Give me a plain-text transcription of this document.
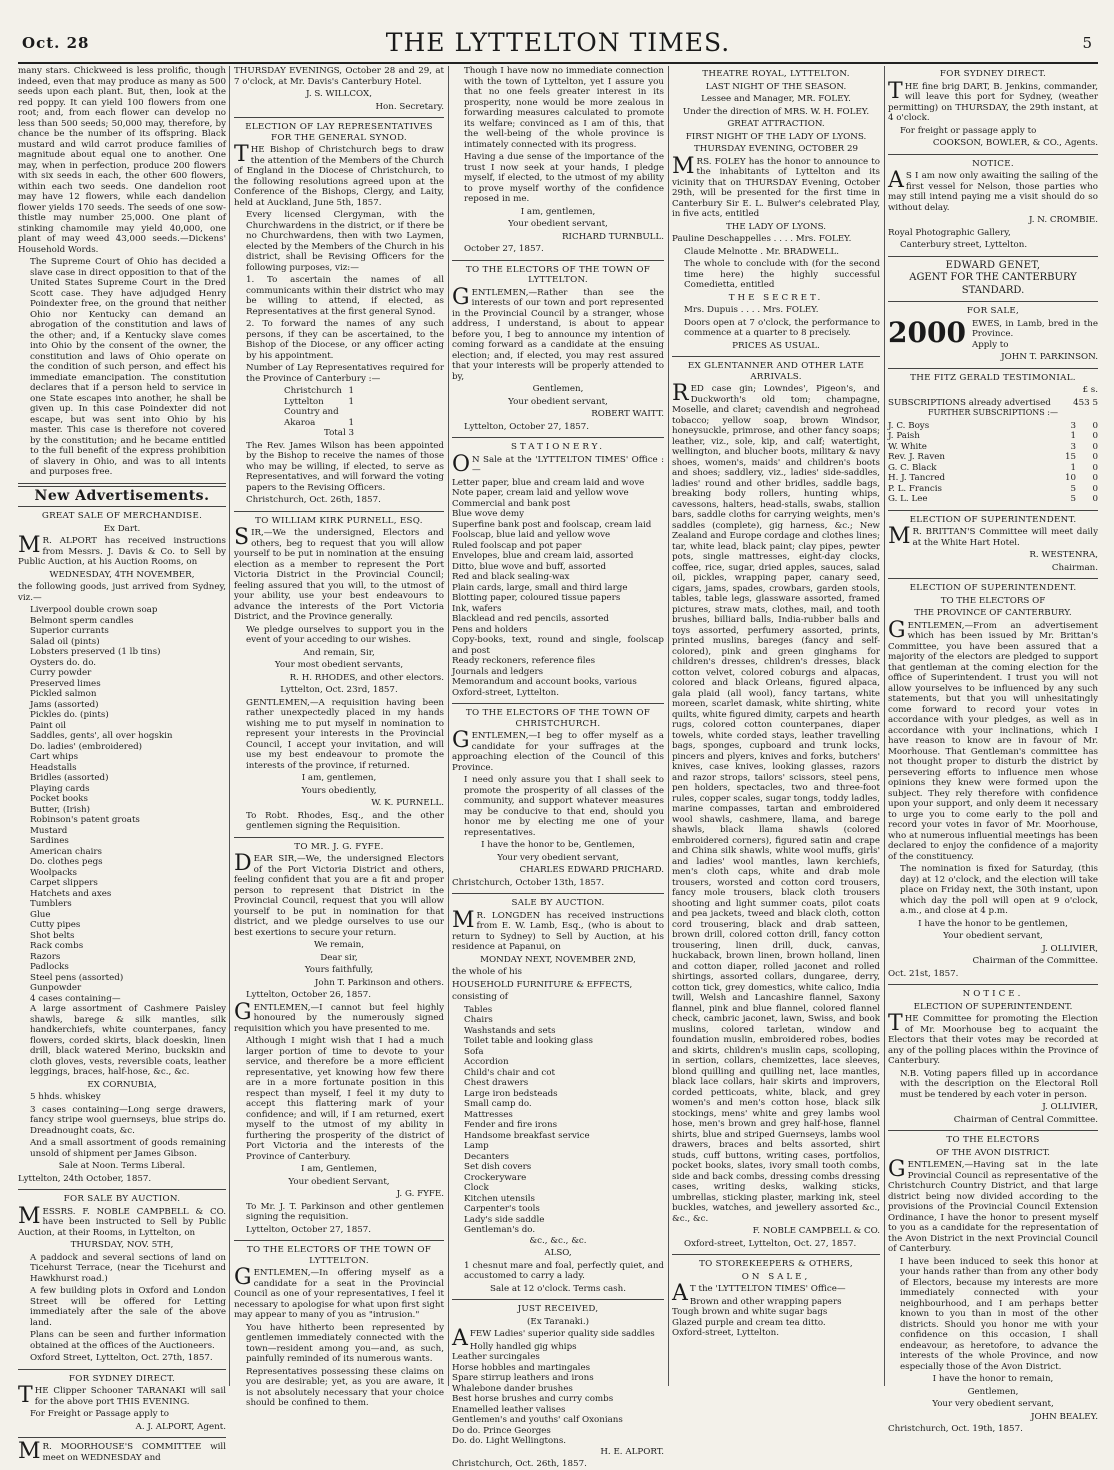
Oct. 28	THE LYTTELTON TIMES.	5

many stars. Chickweed is less prolific, though indeed, even that may produce as many as 500 seeds upon each plant. But, then, look at the red poppy. It can yield 100 flowers from one root; and, from each flower can develop no less than 500 seeds; 50,000 may, therefore, by chance be the number of its offspring. Black mustard and wild carrot produce families of magnitude about equal one to another. One may, when in perfection, produce 200 flowers with six seeds in each, the other 600 flowers, within each two seeds. One dandelion root may have 12 flowers, while each dandelion flower yields 170 seeds. The seeds of one sow-thistle may number 25,000. One plant of stinking chamomile may yield 40,000, one plant of may weed 43,000 seeds.—Dickens' Household Words.

The Supreme Court of Ohio has decided a slave case in direct opposition to that of the United States Supreme Court in the Dred Scott case. They have adjudged Henry Poindexter free, on the ground that neither Ohio nor Kentucky can demand an abrogation of the constitution and laws of the other; and, if a Kentucky slave comes into Ohio by the consent of the owner, the constitution and laws of Ohio operate on the condition of such person, and effect his immediate emancipation. The constitution declares that if a person held to service in one State escapes into another, he shall be given up. In this case Poindexter did not escape, but was sent into Ohio by his master. This case is therefore not covered by the constitution; and he became entitled to the full benefit of the express prohibition of slavery in Ohio, and was to all intents and purposes free.

New Advertisements.

GREAT SALE OF MERCHANDISE.

Ex Dart.

M R. ALPORT has received instructions from Messrs. J. Davis & Co. to Sell by Public Auction, at his Auction Rooms, on

WEDNESDAY, 4TH NOVEMBER,

the following goods, just arrived from Sydney, viz.—

Liverpool double crown soap

Belmont sperm candles

Superior currants

Salad oil (pints)

Lobsters preserved (1 lb tins)

Oysters do. do.

Curry powder

Preserved limes

Pickled salmon

Jams (assorted)

Pickles do. (pints)

Paint oil

Saddles, gents', all over hogskin

Do. ladies' (embroidered)

Cart whips

Headstalls

Bridles (assorted)

Playing cards

Pocket books

Butter, (Irish)

Robinson's patent groats

Mustard

Sardines

American chairs

Do. clothes pegs

Woolpacks

Carpet slippers

Hatchets and axes

Tumblers

Glue

Cutty pipes

Shot belts

Rack combs

Razors

Padlocks

Steel pens (assorted)

Gunpowder

4 cases containing—

A large assortment of Cashmere Paisley shawls, barege & silk mantles, silk handkerchiefs, white counterpanes, fancy flowers, corded skirts, black doeskin, linen drill, black watered Merino, buckskin and cloth gloves, vests, reversible coats, leather leggings, braces, half-hose, &c., &c.

EX CORNUBIA,

5 hhds. whiskey

3 cases containing—Long serge drawers, fancy stripe wool guernseys, blue strips do. Dreadnought coats, &c.

And a small assortment of goods remaining unsold of shipment per James Gibson.

Sale at Noon. Terms Liberal.

Lyttelton, 24th October, 1857.

FOR SALE BY AUCTION.

MESSRS. F. NOBLE CAMPBELL & CO. have been instructed to Sell by Public Auction, at their Rooms, in Lyttelton, on

THURSDAY, NOV. 5TH,

A paddock and several sections of land on Ticehurst Terrace, (near the Ticehurst and Hawkhurst road.)

A few building plots in Oxford and London Street will be offered for Letting immediately after the sale of the above land.

Plans can be seen and further information obtained at the offices of the Auctioneers.

Oxford Street, Lyttelton, Oct. 27th, 1857.

FOR SYDNEY DIRECT.

THE Clipper Schooner TARANAKI will sail for the above port THIS EVENING.

For Freight or Passage apply to

A. J. ALPORT, Agent.

M R. MOORHOUSE'S COMMITTEE will meet on WEDNESDAY and

THURSDAY EVENINGS, October 28 and 29, at 7 o'clock, at Mr. Davis's Canterbury Hotel.

J. S. WILLCOX,

Hon. Secretary.

ELECTION OF LAY REPRESENTATIVES FOR THE GENERAL SYNOD.

THE Bishop of Christchurch begs to draw the attention of the Members of the Church of England in the Diocese of Christchurch, to the following resolutions agreed upon at the Conference of the Bishops, Clergy, and Laity, held at Auckland, June 5th, 1857.

Every licensed Clergyman, with the Churchwardens in the district, or if there be no Churchwardens, then with two Laymen, elected by the Members of the Church in his district, shall be Revising Officers for the following purposes, viz:—

1. To ascertain the names of all communicants within their district who may be willing to attend, if elected, as Representatives at the first general Synod.

2. To forward the names of any such persons, if they can be ascertained, to the Bishop of the Diocese, or any officer acting by his appointment.

Number of Lay Representatives required for the Province of Canterbury :—

Christchurch	1
Lyttelton	1
Country and	
Akaroa	1

Total 3

The Rev. James Wilson has been appointed by the Bishop to receive the names of those who may be willing, if elected, to serve as Representatives, and will forward the voting papers to the Revising Officers.

Christchurch, Oct. 26th, 1857.

TO WILLIAM KIRK PURNELL, ESQ.

SIR,—We the undersigned, Electors and others, beg to request that you will allow yourself to be put in nomination at the ensuing election as a member to represent the Port Victoria District in the Provincial Council; feeling assured that you will, to the utmost of your ability, use your best endeavours to advance the interests of the Port Victoria District, and the Province generally.

We pledge ourselves to support you in the event of your acceding to our wishes.

And remain, Sir,

Your most obedient servants,

R. H. RHODES, and other electors.

Lyttelton, Oct. 23rd, 1857.

GENTLEMEN,—A requisition having been rather unexpectedly placed in my hands wishing me to put myself in nomination to represent your interests in the Provincial Council, I accept your invitation, and will use my best endeavour to promote the interests of the province, if returned.

I am, gentlemen,

Yours obediently,

W. K. PURNELL.

To Robt. Rhodes, Esq., and the other gentlemen signing the Requisition.

TO MR. J. G. FYFE.

DEAR SIR,—We, the undersigned Electors of the Port Victoria District and others, feeling confident that you are a fit and proper person to represent that District in the Provincial Council, request that you will allow yourself to be put in nomination for that district, and we pledge ourselves to use our best exertions to secure your return.

We remain,

Dear sir,

Yours faithfully,

John T. Parkinson and others.

Lyttelton, October 26, 1857.

GENTLEMEN,—I cannot but feel highly honoured by the numerously signed requisition which you have presented to me.

Although I might wish that I had a much larger portion of time to devote to your service, and therefore be a more efficient representative, yet knowing how few there are in a more fortunate position in this respect than myself, I feel it my duty to accept this flattering mark of your confidence; and will, if I am returned, exert myself to the utmost of my ability in furthering the prosperity of the district of Port Victoria and the interests of the Province of Canterbury.

I am, Gentlemen,

Your obedient Servant,

J. G. FYFE.

To Mr. J. T. Parkinson and other gentlemen signing the requisition.

Lyttelton, October 27, 1857.

TO THE ELECTORS OF THE TOWN OF LYTTELTON.

GENTLEMEN,—In offering myself as a candidate for a seat in the Provincial Council as one of your representatives, I feel it necessary to apologise for what upon first sight may appear to many of you as "intrusion."

You have hitherto been represented by gentlemen immediately connected with the town—resident among you—and, as such, painfully reminded of its numerous wants.

Representatives possessing these claims on you are desirable; yet, as you are aware, it is not absolutely necessary that your choice should be confined to them.

Though I have now no immediate connection with the town of Lyttelton, yet I assure you that no one feels greater interest in its prosperity, none would be more zealous in forwarding measures calculated to promote its welfare; convinced as I am of this, that the well-being of the whole province is intimately connected with its progress.

Having a due sense of the importance of the trust I now seek at your hands, I pledge myself, if elected, to the utmost of my ability to prove myself worthy of the confidence reposed in me.

I am, gentlemen,

Your obedient servant,

RICHARD TURNBULL.

October 27, 1857.

TO THE ELECTORS OF THE TOWN OF LYTTELTON.

GENTLEMEN,—Rather than see the interests of our town and port represented in the Provincial Council by a stranger, whose address, I understand, is about to appear before you, I beg to announce my intention of coming forward as a candidate at the ensuing election; and, if elected, you may rest assured that your interests will be properly attended to by,

Gentlemen,

Your obedient servant,

ROBERT WAITT.

Lyttelton, October 27, 1857.

STATIONERY.

O N Sale at the 'LYTTELTON TIMES' Office :—

Letter paper, blue and cream laid and wove

Note paper, cream laid and yellow wove

Commercial and bank post

Blue wove demy

Superfine bank post and foolscap, cream laid

Foolscap, blue laid and yellow wove

Ruled foolscap and pot paper

Envelopes, blue and cream laid, assorted

Ditto, blue wove and buff, assorted

Red and black sealing-wax

Plain cards, large, small and third large

Blotting paper, coloured tissue papers

Ink, wafers

Blacklead and red pencils, assorted

Pens and holders

Copy-books, text, round and single, foolscap and post

Ready reckoners, reference files

Journals and ledgers

Memorandum and account books, various

Oxford-street, Lyttelton.

TO THE ELECTORS OF THE TOWN OF CHRISTCHURCH.

GENTLEMEN,—I beg to offer myself as a candidate for your suffrages at the approaching election of the Council of this Province.

I need only assure you that I shall seek to promote the prosperity of all classes of the community, and support whatever measures may be conducive to that end, should you honor me by electing me one of your representatives.

I have the honor to be, Gentlemen,

Your very obedient servant,

CHARLES EDWARD PRICHARD.

Christchurch, October 13th, 1857.

SALE BY AUCTION.

M R. LONGDEN has received instructions from E. W. Lamb, Esq., (who is about to return to Sydney) to Sell by Auction, at his residence at Papanui, on

MONDAY NEXT, NOVEMBER 2ND,

the whole of his

HOUSEHOLD FURNITURE & EFFECTS,

consisting of

Tables

Chairs

Washstands and sets

Toilet table and looking glass

Sofa

Accordion

Child's chair and cot

Chest drawers

Large iron bedsteads

Small camp do.

Mattresses

Fender and fire irons

Handsome breakfast service

Lamp

Decanters

Set dish covers

Crockeryware

Clock

Kitchen utensils

Carpenter's tools

Lady's side saddle

Gentleman's do.

&c., &c., &c.

ALSO,

1 chesnut mare and foal, perfectly quiet, and accustomed to carry a lady.

Sale at 12 o'clock. Terms cash.

JUST RECEIVED,

(Ex Taranaki.)

AFEW Ladies' superior quality side saddles

Holly handled gig whips

Leather surcingales

Horse hobbles and martingales

Spare stirrup leathers and irons

Whalebone dander brushes

Best horse brushes and curry combs

Enamelled leather valises

Gentlemen's and youths' calf Oxonians

Do do. Prince Georges

Do. do. Light Wellingtons.

H. E. ALPORT.

Christchurch, Oct. 26th, 1857.

THEATRE ROYAL, LYTTELTON.

LAST NIGHT OF THE SEASON.

Lessee and Manager, MR. FOLEY.

Under the direction of MRS. W. H. FOLEY.

GREAT ATTRACTION.

FIRST NIGHT OF THE LADY OF LYONS.

THURSDAY EVENING, OCTOBER 29

MRS. FOLEY has the honor to announce to the inhabitants of Lyttelton and its vicinity that on THURSDAY Evening, October 29th, will be presented for the first time in Canterbury Sir E. L. Bulwer's celebrated Play, in five acts, entitled

THE LADY OF LYONS.

Pauline Deschappelles . . . . Mrs. FOLEY.

Claude Melnotte . Mr. BRADWELL.

The whole to conclude with (for the second time here) the highly successful Comedietta, entitled

THE SECRET.

Mrs. Dupuis . . . . Mrs. FOLEY.

Doors open at 7 o'clock, the performance to commence at a quarter to 8 precisely.

PRICES AS USUAL.

EX GLENTANNER AND OTHER LATE ARRIVALS.

RED case gin; Lowndes', Pigeon's, and Duckworth's old tom; champagne, Moselle, and claret; cavendish and negrohead tobacco; yellow soap, brown Windsor, honeysuckle, primrose, and other fancy soaps; leather, viz., sole, kip, and calf; watertight, wellington, and blucher boots, military & navy shoes, women's, maids' and children's boots and shoes; saddlery, viz., ladies' side-saddles, ladies' round and other bridles, saddle bags, breaking body rollers, hunting whips, cavessons, halters, head-stalls, swabs, stallion bars, saddle cloths for carrying weights, men's saddles (complete), gig harness, &c.; New Zealand and Europe cordage and clothes lines; tar, white lead, black paint; clay pipes, pewter pots, single mattresses, eight-day clocks, coffee, rice, sugar, dried apples, sauces, salad oil, pickles, wrapping paper, canary seed, cigars, jams, spades, crowbars, garden stools, tables, table legs, glassware assorted, framed pictures, straw mats, clothes, mail, and tooth brushes, billiard balls, India-rubber balls and toys assorted, perfumery assorted, prints, printed muslins, bareges (fancy and self-colored), pink and green ginghams for children's dresses, children's dresses, black cotton velvet, colored coburgs and alpacas, colored and black Orleans, figured alpaca, gala plaid (all wool), fancy tartans, white moreen, scarlet damask, white shirting, white quilts, white figured dimity, carpets and hearth rugs, colored cotton counterpanes, diaper towels, white corded stays, leather travelling bags, sponges, cupboard and trunk locks, pincers and plyers, knives and forks, butchers' knives, case knives, looking glasses, razors and razor strops, tailors' scissors, steel pens, pen holders, spectacles, two and three-foot rules, copper scales, sugar tongs, toddy ladles, marine compasses, tartan and embroidered wool shawls, cashmere, llama, and barege shawls, black llama shawls (colored embroidered corners), figured satin and crape and China silk shawls, white wool muffs, girls' and ladies' wool mantles, lawn kerchiefs, men's cloth caps, white and drab mole trousers, worsted and cotton cord trousers, fancy mole trousers, black cloth trousers shooting and light summer coats, pilot coats and pea jackets, tweed and black cloth, cotton cord trousering, black and drab satteen, brown drill, colored cotton drill, fancy cotton trousering, linen drill, duck, canvas, huckaback, brown linen, brown holland, linen and cotton diaper, rolled jaconet and rolled shirtings, assorted collars, dungaree, derry, cotton tick, grey domestics, white calico, India twill, Welsh and Lancashire flannel, Saxony flannel, pink and blue flannel, colored flannel check, cambric jaconet, lawn, Swiss, and book muslins, colored tarletan, window and foundation muslin, embroidered robes, bodies and skirts, children's muslin caps, scolloping, in sertion, collars, chemizettes, lace sleeves, blond quilling and quilling net, lace mantles, black lace collars, hair skirts and improvers, corded petticoats, white, black, and grey women's and men's cotton hose, black silk stockings, mens' white and grey lambs wool hose, men's brown and grey half-hose, flannel shirts, blue and striped Guernseys, lambs wool drawers, braces and belts assorted, shirt studs, cuff buttons, writing cases, portfolios, pocket books, slates, ivory small tooth combs, side and back combs, dressing combs dressing cases, writing desks, walking sticks, umbrellas, sticking plaster, marking ink, steel buckles, watches, and jewellery assorted &c., &c., &c.

F. NOBLE CAMPBELL & CO.

Oxford-street, Lyttelton, Oct. 27, 1857.

TO STOREKEEPERS & OTHERS,

ON SALE,

A T the 'LYTTELTON TIMES' Office—

Brown and other wrapping papers

Tough brown and white sugar bags

Glazed purple and cream tea ditto.

Oxford-street, Lyttelton.

FOR SYDNEY DIRECT.

THE fine brig DART, B. Jenkins, commander, will leave this port for Sydney, (weather permitting) on THURSDAY, the 29th instant, at 4 o'clock.

For freight or passage apply to

COOKSON, BOWLER, & CO., Agents.

NOTICE.

A S I am now only awaiting the sailing of the first vessel for Nelson, those parties who may still intend paying me a visit should do so without delay.

J. N. CROMBIE.

Royal Photographic Gallery,

Canterbury street, Lyttelton.

EDWARD GENET,

AGENT FOR THE CANTERBURY

STANDARD.

FOR SALE,

2000 EWES, in Lamb, bred in the Province.

Apply to

JOHN T. PARKINSON.

THE FITZ GERALD TESTIMONIAL.

£ s.

SUBSCRIPTIONS already advertised	453 5

FURTHER SUBSCRIPTIONS :—

J. C. Boys	3	0
J. Paish	1	0
W. White	3	0
Rev. J. Raven	15	0
G. C. Black	1	0
H. J. Tancred	10	0
P. L. Francis	5	0
G. L. Lee	5	0

ELECTION OF SUPERINTENDENT.

M R. BRITTAN'S Committee will meet daily at the White Hart Hotel.

R. WESTENRA,

Chairman.

ELECTION OF SUPERINTENDENT.

TO THE ELECTORS OF

THE PROVINCE OF CANTERBURY.

GENTLEMEN,—From an advertisement which has been issued by Mr. Brittan's Committee, you have been assured that a majority of the electors are pledged to support that gentleman at the coming election for the office of Superintendent. I trust you will not allow yourselves to be influenced by any such statements, but that you will unhesitatingly come forward to record your votes in accordance with your pledges, as well as in accordance with your inclinations, which I have reason to know are in favour of Mr. Moorhouse. That Gentleman's committee has not thought proper to disturb the district by persevering efforts to influence men whose opinions they knew were formed upon the subject. They rely therefore with confidence upon your support, and only deem it necessary to urge you to come early to the poll and record your votes in favor of Mr. Moorhouse, who at numerous influential meetings has been declared to enjoy the confidence of a majority of the constituency.

The nomination is fixed for Saturday, (this day) at 12 o'clock, and the election will take place on Friday next, the 30th instant, upon which day the poll will open at 9 o'clock, a.m., and close at 4 p.m.

I have the honor to be gentlemen,

Your obedient servant,

J. OLLIVIER,

Chairman of the Committee.

Oct. 21st, 1857.

NOTICE.

ELECTION OF SUPERINTENDENT.

THE Committee for promoting the Election of Mr. Moorhouse beg to acquaint the Electors that their votes may be recorded at any of the polling places within the Province of Canterbury.

N.B. Voting papers filled up in accordance with the description on the Electoral Roll must be tendered by each voter in person.

J. OLLIVIER,

Chairman of Central Committee.

TO THE ELECTORS

OF THE AVON DISTRICT.

GENTLEMEN,—Having sat in the late Provincial Council as representative of the Christchurch Country District, and that large district being now divided according to the provisions of the Provincial Council Extension Ordinance, I have the honor to present myself to you as a candidate for the representation of the Avon District in the next Provincial Council of Canterbury.

I have been induced to seek this honor at your hands rather than from any other body of Electors, because my interests are more immediately connected with your neighbourhood, and I am perhaps better known to you than in most of the other districts. Should you honor me with your confidence on this occasion, I shall endeavour, as heretofore, to advance the interests of the whole Province, and now especially those of the Avon District.

I have the honor to remain,

Gentlemen,

Your very obedient servant,

JOHN BEALEY.

Christchurch, Oct. 19th, 1857.
